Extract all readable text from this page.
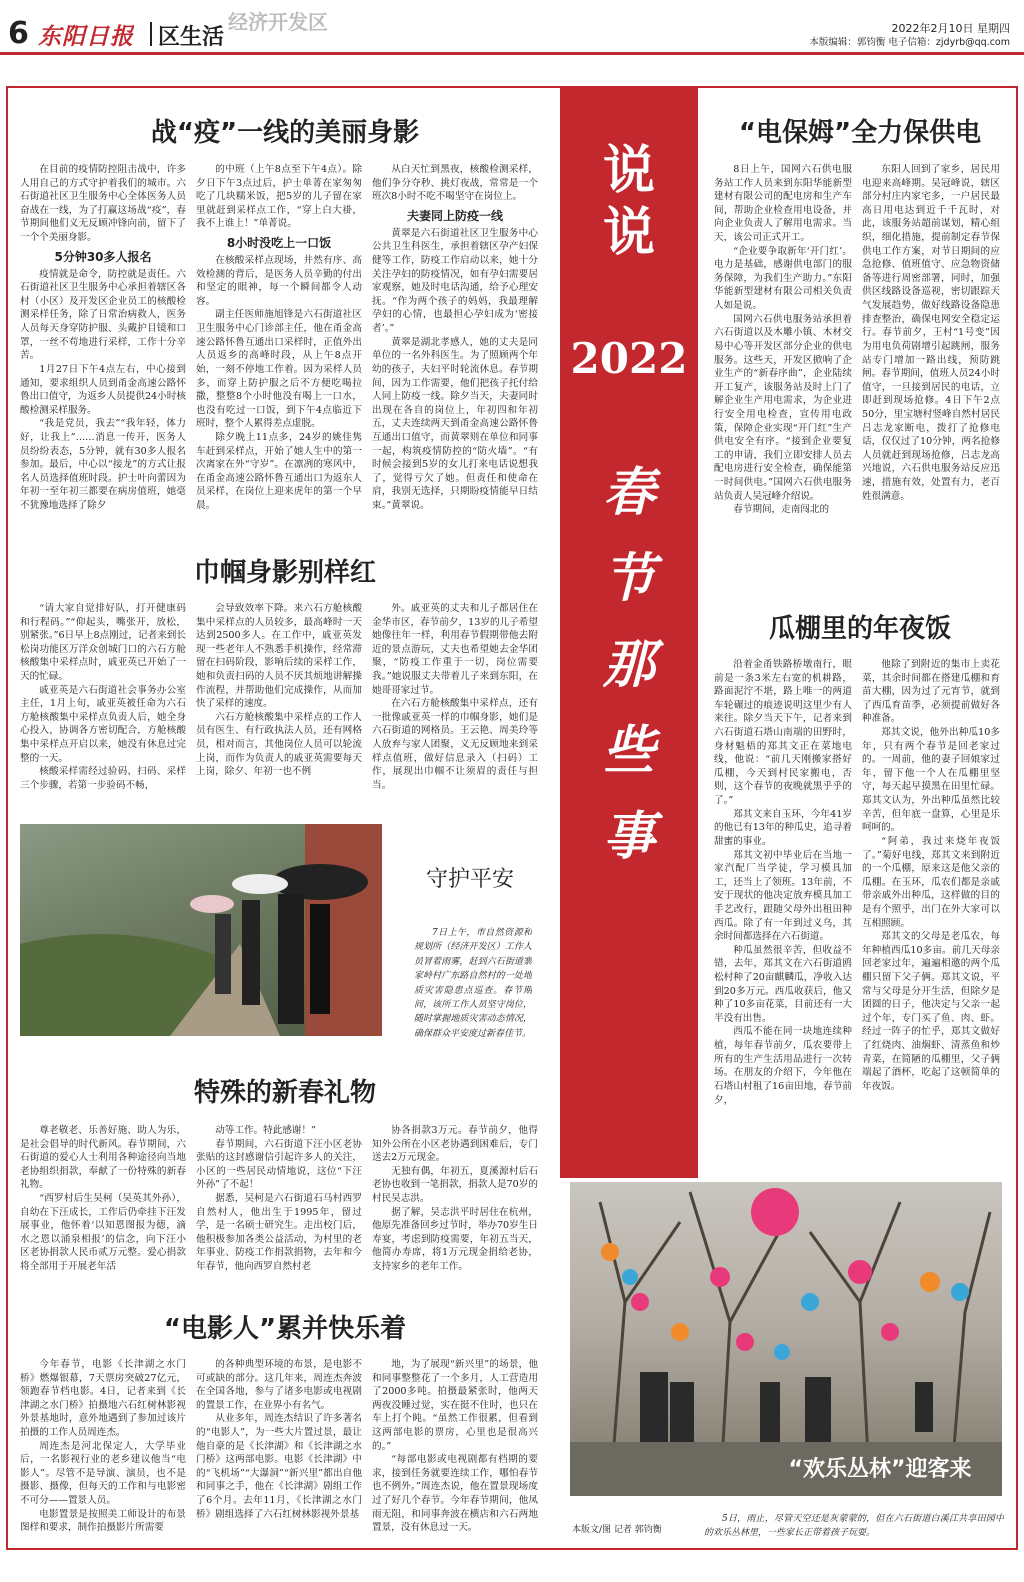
6 东阳日报 区生活
经济开发区	2022年2月10日 星期四
本版编辑：郭钧衡 电子信箱：zjdyrb@qq.com
说说
2022
春节那些事
战“疫”一线的美丽身影

在目前的疫情防控阻击战中，许多人用自己的方式守护着我们的城市。六石街道社区卫生服务中心全体医务人员奋战在一线，为了打赢这场战“疫”，春节期间他们义无反顾冲锋向前，留下了一个个美丽身影。

5分钟30多人报名

疫情就是命令，防控就是责任。六石街道社区卫生服务中心承担着辖区各村（小区）及开发区企业员工的核酸检测采样任务，除了日常治病救人，医务人员每天身穿防护服、头戴护目镜和口罩，一丝不苟地进行采样，工作十分辛苦。

1月27日下午4点左右，中心接到通知，要求组织人员到甬金高速公路怀鲁出口值守，为返乡人员提供24小时核酸检测采样服务。

“我是党员，我去”“我年轻，体力好，让我上”……消息一传开，医务人员纷纷表态，5分钟，就有30多人报名参加。最后，中心以“接龙”的方式让报名人员选择值班时段。护士叶向蕾因为年初一至年初三都要在病房值班，她毫不犹豫地选择了除夕

的中班（上午8点至下午4点）。除夕日下午3点过后，护士单菁在家匆匆吃了几块糯米饭，把5岁的儿子留在家里就赶到采样点工作，“穿上白大褂，我不上谁上！”单菁说。

8小时没吃上一口饭

在核酸采样点现场，井然有序、高效检测的背后，是医务人员辛勤的付出和坚定的眼神，每一个瞬间都令人动容。

副主任医师施旭锋是六石街道社区卫生服务中心门诊部主任，他在甬金高速公路怀鲁互通出口采样时，正值外出人员返乡的高峰时段，从上午8点开始，一刻不停地工作着。因为采样人员多，而穿上防护服之后不方便吃喝拉撒，整整8个小时他没有喝上一口水，也没有吃过一口饭，到下午4点临近下班时，整个人累得差点虚脱。

除夕晚上11点多，24岁的姚佳隽车赶到采样点，开始了她人生中的第一次离家在外“守岁”。在凛冽的寒风中，在甬金高速公路怀鲁互通出口为返东人员采样，在岗位上迎来虎年的第一个早晨。

从白天忙到黑夜，核酸检测采样，他们争分夺秒、挑灯夜战，常常是一个班次8小时不吃不喝坚守在岗位上。

夫妻同上防疫一线

黄翠是六石街道社区卫生服务中心公共卫生科医生，承担着辖区孕产妇保健等工作，防疫工作启动以来，她十分关注孕妇的防疫情况，如有孕妇需要居家观察，她及时电话沟通，给予心理安抚。“作为两个孩子的妈妈，我最理解孕妇的心情，也最担心孕妇成为‘密接者’。”

黄翠是湖北孝感人，她的丈夫是同单位的一名外科医生。为了照顾两个年幼的孩子，夫妇平时轮流休息。春节期间，因为工作需要，他们把孩子托付给人同上防疫一线。除夕当天，夫妻同时出现在各自的岗位上，年初四和年初五，丈夫连续两天到甬金高速公路怀鲁互通出口值守，而黄翠则在单位和同事一起，构筑疫情防控的“防火墙”。“有时候会接到5岁的女儿打来电话说想我了，觉得亏欠了她。但责任和使命在肩，我别无选择，只期盼疫情能早日结束。”黄翠说。

巾帼身影别样红

“请大家自觉排好队，打开健康码和行程码。”“仰起头，嘴张开，放松，别紧张。”6日早上8点刚过，记者来到长松岗功能区万洋众创城门口的六石方舱核酸集中采样点时，戚亚英已开始了一天的忙碌。

戚亚英是六石街道社会事务办公室主任，1月上旬，戚亚英被任命为六石方舱核酸集中采样点负责人后，她全身心投入，协调各方密切配合，方舱核酸集中采样点开启以来，她没有休息过完整的一天。

核酸采样需经过验码、扫码、采样三个步骤，若第一步验码不畅，

会导致效率下降。来六石方舱核酸集中采样点的人员较多，最高峰时一天达到2500多人。在工作中，戚亚英发现一些老年人不熟悉手机操作，经常滞留在扫码阶段，影响后续的采样工作，她和负责扫码的人员不厌其烦地讲解操作流程，并帮助他们完成操作，从而加快了采样的速度。

六石方舱核酸集中采样点的工作人员有医生、有行政执法人员，还有网格员，相对而言，其他岗位人员可以轮流上岗，而作为负责人的戚亚英需要每天上岗，除夕、年初一也不例

外。戚亚英的丈夫和儿子都居住在金华市区，春节前夕，13岁的儿子希望她像往年一样，利用春节假期带他去附近的景点游玩，丈夫也希望她去金华团聚，“防疫工作重于一切，岗位需要我。”她说服丈夫带着儿子来到东阳，在她哥哥家过节。

在六石方舱核酸集中采样点，还有一批像戚亚英一样的巾帼身影，她们是六石街道的网格员。王云艳、周美玲等人放弃与家人团聚，义无反顾地来到采样点值班，做好信息录入（扫码）工作，展现出巾帼不让须眉的责任与担当。

守护平安
7日上午，市自然资源和规划所（经济开发区）工作人员冒着雨雾，赶到六石街道寨家岭村广东路自然村的一处地质灾害隐患点巡查。春节期间，该所工作人员坚守岗位，随时掌握地质灾害动态情况，确保群众平安度过新春佳节。
特殊的新春礼物

尊老敬老、乐善好施、助人为乐，是社会倡导的时代新风。春节期间，六石街道的爱心人士利用各种途径向当地老协组织捐款，奉献了一份特殊的新春礼物。

“西罗村后生吴柯（吴英其外孙），自幼在下汪成长，工作后仍牵挂下汪发展事业，他怀着‘以知恩图报为德，滴水之恩以涌泉相报’的信念，向下汪小区老协捐款人民币贰万元整。爱心捐款将全部用于开展老年活

动等工作。特此感谢！”

春节期间，六石街道下汪小区老协张贴的这封感谢信引起许多人的关注，小区的一些居民动情地说，这位“下汪外孙”了不起！

据悉，吴柯是六石街道石马村西罗自然村人，他出生于1995年，留过学，是一名硕士研究生。走出校门后，他积极参加各类公益活动，为村里的老年事业、防疫工作捐款捐物，去年和今年春节，他向西罗自然村老

协各捐款3万元。春节前夕，他得知外公所在小区老协遇到困难后，专门送去2万元现金。

无独有偶，年初五，夏溪源村后石老协也收到一笔捐款，捐款人是70岁的村民吴志洪。

据了解，吴志洪平时居住在杭州，他原先准备回乡过节时，举办70岁生日寿宴，考虑到防疫需要，年初五当天，他简办寿席，将1万元现金捐给老协，支持家乡的老年工作。

“电影人”累并快乐着

今年春节，电影《长津湖之水门桥》燃爆银幕，7天票房突破27亿元，领跑春节档电影。4日，记者来到《长津湖之水门桥》拍摄地六石红树林影视外景基地时，意外地遇到了参加过该片拍摄的工作人员周连杰。

周连杰是河北保定人，大学毕业后，一名影视行业的老乡建议他当“电影人”。尽管不是导演、演员，也不是摄影、摄像，但每天的工作和与电影密不可分——置景人员。

电影置景是按照美工师设计的布景图样和要求，制作拍摄影片所需要

的各种典型环境的布景，是电影不可或缺的部分。这几年来，周连杰奔波在全国各地，参与了诸多电影或电视剧的置景工作，在业界小有名气。

从业多年，周连杰结识了许多著名的“电影人”，为一些大片置过景，最让他自豪的是《长津湖》和《长津湖之水门桥》这两部电影。电影《长津湖》中的“飞机场”“大瀑洞”“新兴里”都出自他和同事之手，他在《长津湖》剧组工作了6个月。去年11月，《长津湖之水门桥》剧组选择了六石红树林影视外景基

地，为了展现“新兴里”的场景，他和同事整整花了一个多月，人工营造用了2000多吨。拍摄最紧张时，他两天两夜没睡过觉，实在挺不住时，也只在车上打个盹。“虽然工作很累，但看到这两部电影的票房，心里也是很高兴的。”

“每部电影或电视剧都有档期的要求，接到任务就要连续工作，哪怕春节也不例外。”周连杰说，他在置景现场度过了好几个春节。今年春节期间，他凤雨无阻，和同事奔波在横店和六石两地置景，没有休息过一天。

“电保姆”全力保供电

8日上午，国网六石供电服务站工作人员来到东阳华能新型建材有限公司的配电房和生产车间，帮助企业检查用电设备，并向企业负责人了解用电需求。当天，该公司正式开工。

“企业要争取新年‘开门红’。电力是基础，感谢供电部门的服务保障，为我们生产助力。”东阳华能新型建材有限公司相关负责人如是说。

国网六石供电服务站承担着六石街道以及木雕小镇、木材交易中心等开发区部分企业的供电服务。这些天，开发区掀响了企业生产的“新春序曲”，企业陆续开工复产，该服务站及时上门了解企业生产用电需求，为企业进行安全用电检查，宣传用电政策，保障企业实现“开门红”生产供电安全有序。“接到企业要复工的申请，我们立即安排人员去配电房进行安全检查，确保能第一时间供电。”国网六石供电服务站负责人吴冠峰介绍说。

春节期间，走南闯北的

东阳人回到了家乡，居民用电迎来高峰期。吴冠峰说，辖区部分村庄内家宅多，一户居民最高日用电达到近千千瓦时，对此，该服务站超前谋划，精心组织，细化措施，提前制定春节保供电工作方案，对节日期间的应急抢修、值班值守、应急物资储备等进行周密部署，同时，加强供区线路设备巡视，密切跟踪天气发展趋势，做好线路设备隐患排查整治，确保电网安全稳定运行。春节前夕，王村“1号变”因为用电负荷剧增引起跳闸，服务站专门增加一路出线，预防跳闸。春节期间，值班人员24小时值守，一旦接到居民的电话，立即赶到现场抢修。4日下午2点50分，里宝塘村竖峰自然村居民吕志龙家断电，拨打了抢修电话，仅仅过了10分钟，两名抢修人员就赶到现场抢修，吕志龙高兴地说，六石供电服务站反应迅速，措施有效，处置有力，老百姓很满意。

瓜棚里的年夜饭

沿着金甬铁路桥墩南行，眼前是一条3米左右宽的机耕路，路面泥泞不堪，路上唯一的两道车轮碾过的痕迹说明这里少有人来往。除夕当天下午，记者来到六石街道石塔山南端的田野时，身材魁梧的郑其文正在菜地电线，他说：“前几天刚搬家搭好瓜棚，今天到村民家搬电，否则，这个春节的夜晚就黑乎乎的了。”

郑其文来自玉环，今年41岁的他已有13年的种瓜史，追寻着甜蜜的事业。

郑其文初中毕业后在当地一家汽配厂当学徒，学习模具加工，还当上了领班。13年前，不安于现状的他决定放弃模具加工手艺改行，跟随父母外出租田种西瓜。除了有一年到过义乌，其余时间都选择在六石街道。

种瓜虽然很辛苦，但收益不错，去年，郑其文在六石街道鸥松村种了20亩麒麟瓜，净收入达到20多万元。西瓜收获后，他又种了10多亩花菜，目前还有一大半没有出售。

西瓜不能在同一块地连续种植，每年春节前夕，瓜农要带上所有的生产生活用品进行一次转场。在朋友的介绍下，今年他在石塔山村租了16亩田地，春节前夕，

他除了到附近的集市上卖花菜，其余时间都在搭建瓜棚和育苗大棚，因为过了元宵节，就到了西瓜育苗季，必须提前做好各种准备。

郑其文说，他外出种瓜10多年，只有两个春节是回老家过的。一周前，他的妻子回娘家过年，留下他一个人在瓜棚里坚守，每天起早摸黑在田里忙碌。郑其文认为，外出种瓜虽然比较辛苦，但年底一盘算，心里是乐呵呵的。

“阿弟，我过来烧年夜饭了。”菊好电线，郑其文来到附近的一个瓜棚，原来这是他父亲的瓜棚。在玉环，瓜农们都是亲戚带亲戚外出种瓜，这样做的目的是有个照乎，出门在外大家可以互相照顾。

郑其文的父母是老瓜农，每年种植西瓜10多亩。前几天母亲回老家过年，遍遍相邀的两个瓜棚只留下父子俩。郑其文说，平常与父母是分开生活，但除夕是团圆的日子，他决定与父亲一起过个年，专门买了鱼、肉、虾。经过一阵子的忙乎，郑其文做好了红烧肉、油焖虾、清蒸鱼和炒青菜，在简陋的瓜棚里，父子俩端起了酒杯，吃起了这顿简单的年夜饭。

“欢乐丛林”迎客来
本版文/图 记者 郭钧衡
5日，雨止，尽管天空还是灰蒙蒙的，但在六石街道白溪江共享田园中的欢乐丛林里，一些家长正带着孩子玩耍。
